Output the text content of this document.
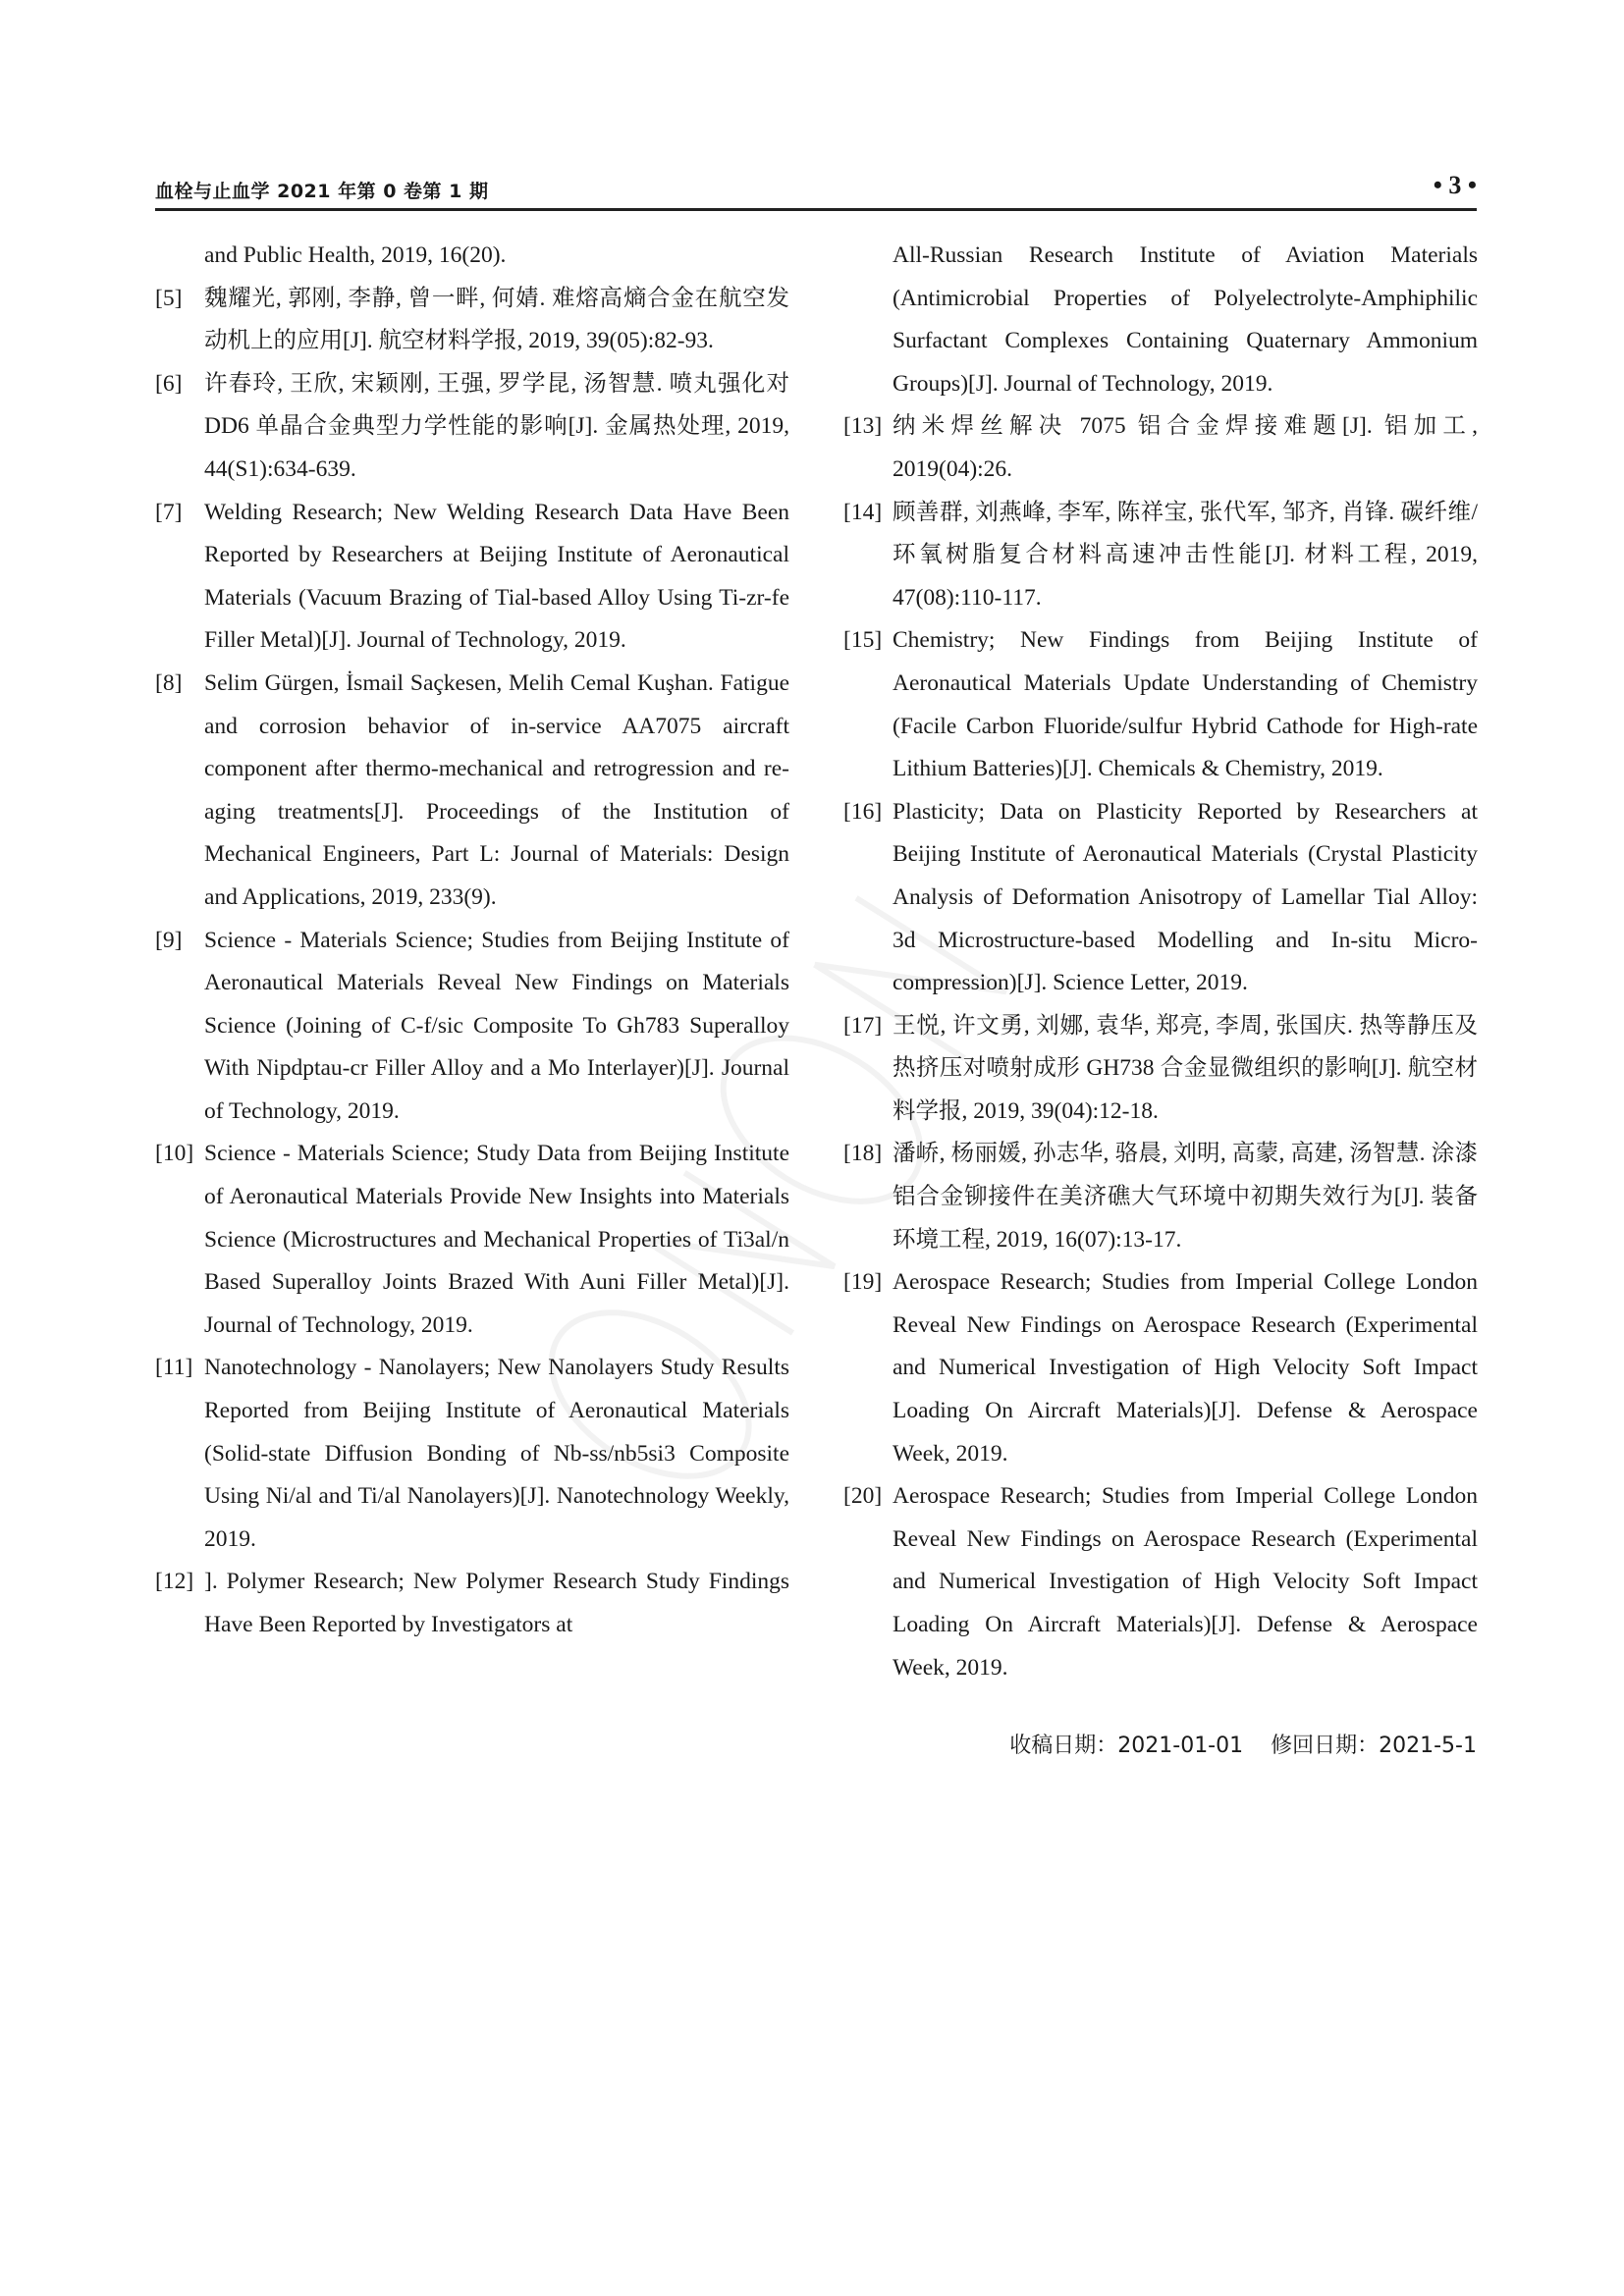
血栓与止血学 2021 年第 0 卷第 1 期	• 3 •

and Public Health, 2019, 16(20).

[5] 魏耀光, 郭刚, 李静, 曾一畔, 何婧. 难熔高熵合金在航空发动机上的应用[J]. 航空材料学报, 2019, 39(05):82-93.

[6] 许春玲, 王欣, 宋颖刚, 王强, 罗学昆, 汤智慧. 喷丸强化对 DD6 单晶合金典型力学性能的影响[J]. 金属热处理, 2019, 44(S1):634-639.

[7] Welding Research; New Welding Research Data Have Been Reported by Researchers at Beijing Institute of Aeronautical Materials (Vacuum Brazing of Tial-based Alloy Using Ti-zr-fe Filler Metal)[J]. Journal of Technology, 2019.

[8] Selim Gürgen, İsmail Saçkesen, Melih Cemal Kuşhan. Fatigue and corrosion behavior of in-service AA7075 aircraft component after thermo-mechanical and retrogression and re-aging treatments[J]. Proceedings of the Institution of Mechanical Engineers, Part L: Journal of Materials: Design and Applications, 2019, 233(9).

[9] Science - Materials Science; Studies from Beijing Institute of Aeronautical Materials Reveal New Findings on Materials Science (Joining of C-f/sic Composite To Gh783 Superalloy With Nipdptau-cr Filler Alloy and a Mo Interlayer)[J]. Journal of Technology, 2019.

[10] Science - Materials Science; Study Data from Beijing Institute of Aeronautical Materials Provide New Insights into Materials Science (Microstructures and Mechanical Properties of Ti3al/n Based Superalloy Joints Brazed With Auni Filler Metal)[J]. Journal of Technology, 2019.

[11] Nanotechnology - Nanolayers; New Nanolayers Study Results Reported from Beijing Institute of Aeronautical Materials (Solid-state Diffusion Bonding of Nb-ss/nb5si3 Composite Using Ni/al and Ti/al Nanolayers)[J]. Nanotechnology Weekly, 2019.

[12] ]. Polymer Research; New Polymer Research Study Findings Have Been Reported by Investigators at

All-Russian Research Institute of Aviation Materials (Antimicrobial Properties of Polyelectrolyte-Amphiphilic Surfactant Complexes Containing Quaternary Ammonium Groups)[J]. Journal of Technology, 2019.

[13] 纳米焊丝解决 7075 铝合金焊接难题[J]. 铝加工, 2019(04):26.

[14] 顾善群, 刘燕峰, 李军, 陈祥宝, 张代军, 邹齐, 肖锋. 碳纤维/环氧树脂复合材料高速冲击性能[J]. 材料工程, 2019, 47(08):110-117.

[15] Chemistry; New Findings from Beijing Institute of Aeronautical Materials Update Understanding of Chemistry (Facile Carbon Fluoride/sulfur Hybrid Cathode for High-rate Lithium Batteries)[J]. Chemicals & Chemistry, 2019.

[16] Plasticity; Data on Plasticity Reported by Researchers at Beijing Institute of Aeronautical Materials (Crystal Plasticity Analysis of Deformation Anisotropy of Lamellar Tial Alloy: 3d Microstructure-based Modelling and In-situ Micro-compression)[J]. Science Letter, 2019.

[17] 王悦, 许文勇, 刘娜, 袁华, 郑亮, 李周, 张国庆. 热等静压及热挤压对喷射成形 GH738 合金显微组织的影响[J]. 航空材料学报, 2019, 39(04):12-18.

[18] 潘峤, 杨丽媛, 孙志华, 骆晨, 刘明, 高蒙, 高建, 汤智慧. 涂漆铝合金铆接件在美济礁大气环境中初期失效行为[J]. 装备环境工程, 2019, 16(07):13-17.

[19] Aerospace Research; Studies from Imperial College London Reveal New Findings on Aerospace Research (Experimental and Numerical Investigation of High Velocity Soft Impact Loading On Aircraft Materials)[J]. Defense & Aerospace Week, 2019.

[20] Aerospace Research; Studies from Imperial College London Reveal New Findings on Aerospace Research (Experimental and Numerical Investigation of High Velocity Soft Impact Loading On Aircraft Materials)[J]. Defense & Aerospace Week, 2019.

收稿日期：2021-01-01 修回日期：2021-5-1
